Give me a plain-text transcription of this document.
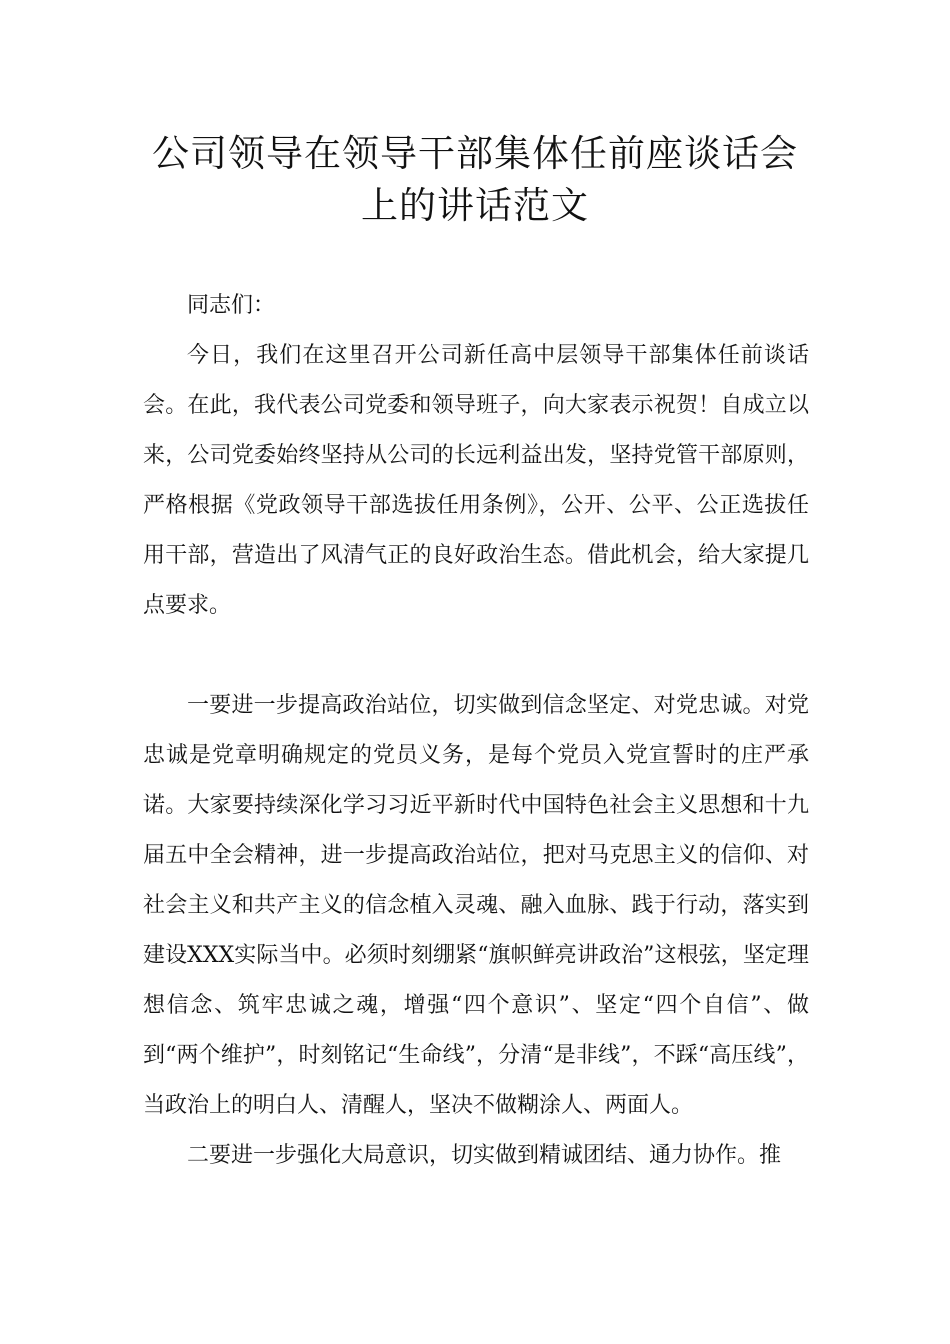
公司领导在领导干部集体任前座谈话会
上的讲话范文

同志们：

今日，我们在这里召开公司新任高中层领导干部集体任前谈话会。在此，我代表公司党委和领导班子，向大家表示祝贺！自成立以来，公司党委始终坚持从公司的长远利益出发，坚持党管干部原则，严格根据《党政领导干部选拔任用条例》，公开、公平、公正选拔任用干部，营造出了风清气正的良好政治生态。借此机会，给大家提几点要求。

一要进一步提高政治站位，切实做到信念坚定、对党忠诚。对党忠诚是党章明确规定的党员义务，是每个党员入党宣誓时的庄严承诺。大家要持续深化学习习近平新时代中国特色社会主义思想和十九届五中全会精神，进一步提高政治站位，把对马克思主义的信仰、对社会主义和共产主义的信念植入灵魂、融入血脉、践于行动，落实到建设XXX实际当中。必须时刻绷紧“旗帜鲜亮讲政治”这根弦，坚定理想信念、筑牢忠诚之魂，增强“四个意识”、坚定“四个自信”、做到“两个维护”，时刻铭记“生命线”，分清“是非线”，不踩“高压线”，当政治上的明白人、清醒人，坚决不做糊涂人、两面人。

二要进一步强化大局意识，切实做到精诚团结、通力协作。推
